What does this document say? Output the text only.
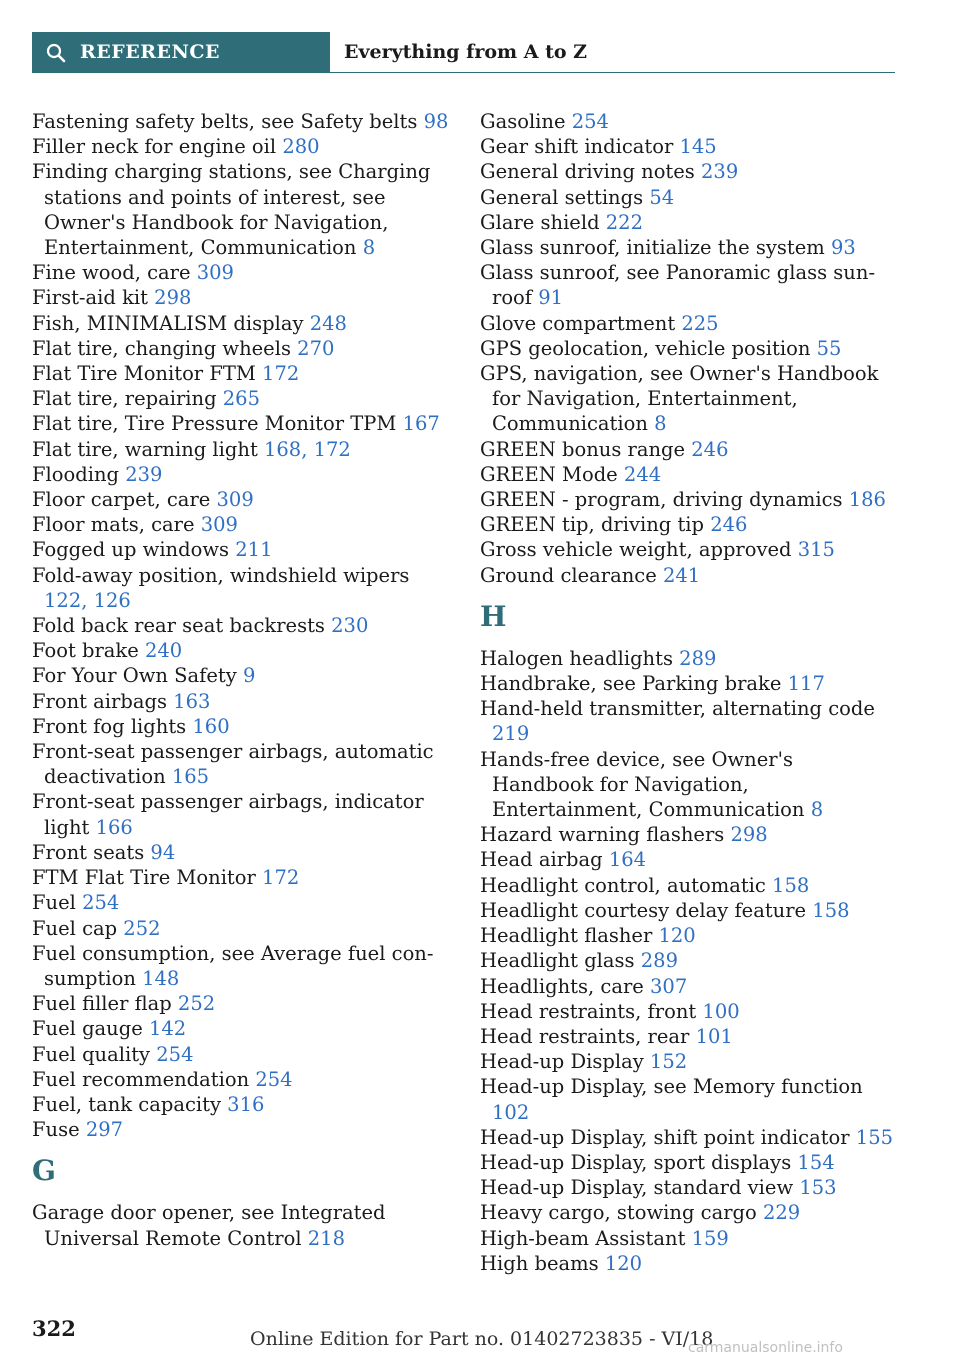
REFERENCE	Everything from A to Z
Fastening safety belts, see Safety belts 98
Filler neck for engine oil 280
Finding charging stations, see Charging stations and points of interest, see Owner's Handbook for Navigation, Entertainment, Communication 8
Fine wood, care 309
First-aid kit 298
Fish, MINIMALISM display 248
Flat tire, changing wheels 270
Flat Tire Monitor FTM 172
Flat tire, repairing 265
Flat tire, Tire Pressure Monitor TPM 167
Flat tire, warning light 168, 172
Flooding 239
Floor carpet, care 309
Floor mats, care 309
Fogged up windows 211
Fold-away position, windshield wipers 122, 126
Fold back rear seat backrests 230
Foot brake 240
For Your Own Safety 9
Front airbags 163
Front fog lights 160
Front-seat passenger airbags, automatic deactivation 165
Front-seat passenger airbags, indicator light 166
Front seats 94
FTM Flat Tire Monitor 172
Fuel 254
Fuel cap 252
Fuel consumption, see Average fuel consumption 148
Fuel filler flap 252
Fuel gauge 142
Fuel quality 254
Fuel recommendation 254
Fuel, tank capacity 316
Fuse 297
G
Garage door opener, see Integrated Universal Remote Control 218
Gasoline 254
Gear shift indicator 145
General driving notes 239
General settings 54
Glare shield 222
Glass sunroof, initialize the system 93
Glass sunroof, see Panoramic glass sunroof 91
Glove compartment 225
GPS geolocation, vehicle position 55
GPS, navigation, see Owner's Handbook for Navigation, Entertainment, Communication 8
GREEN bonus range 246
GREEN Mode 244
GREEN - program, driving dynamics 186
GREEN tip, driving tip 246
Gross vehicle weight, approved 315
Ground clearance 241
H
Halogen headlights 289
Handbrake, see Parking brake 117
Hand-held transmitter, alternating code 219
Hands-free device, see Owner's Handbook for Navigation, Entertainment, Communication 8
Hazard warning flashers 298
Head airbag 164
Headlight control, automatic 158
Headlight courtesy delay feature 158
Headlight flasher 120
Headlight glass 289
Headlights, care 307
Head restraints, front 100
Head restraints, rear 101
Head-up Display 152
Head-up Display, see Memory function 102
Head-up Display, shift point indicator 155
Head-up Display, sport displays 154
Head-up Display, standard view 153
Heavy cargo, stowing cargo 229
High-beam Assistant 159
High beams 120
322	Online Edition for Part no. 01402723835 - VI/18
carmanualsonline.info
